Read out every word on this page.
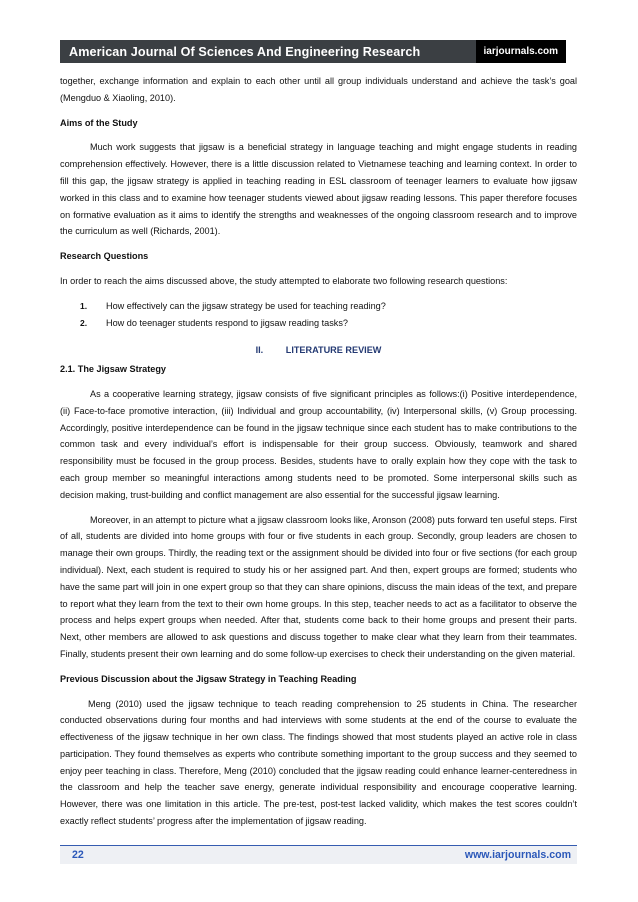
American Journal Of Sciences And Engineering Research	iarjournals.com

together, exchange information and explain to each other until all group individuals understand and achieve the task’s goal (Mengduo & Xiaoling, 2010).

Aims of the Study

Much work suggests that jigsaw is a beneficial strategy in language teaching and might engage students in reading comprehension effectively. However, there is a little discussion related to Vietnamese teaching and learning context. In order to fill this gap, the jigsaw strategy is applied in teaching reading in ESL classroom of teenager learners to evaluate how jigsaw worked in this class and to examine how teenager students viewed about jigsaw reading lessons. This paper therefore focuses on formative evaluation as it aims to identify the strengths and weaknesses of the ongoing classroom research and to improve the curriculum as well (Richards, 2001).

Research Questions

In order to reach the aims discussed above, the study attempted to elaborate two following research questions:

1.	How effectively can the jigsaw strategy be used for teaching reading?
2.	How do teenager students respond to jigsaw reading tasks?
II. LITERATURE REVIEW
2.1. The Jigsaw Strategy

As a cooperative learning strategy, jigsaw consists of five significant principles as follows:(i) Positive interdependence, (ii) Face-to-face promotive interaction, (iii) Individual and group accountability, (iv) Interpersonal skills, (v) Group processing. Accordingly, positive interdependence can be found in the jigsaw technique since each student has to make contributions to the common task and every individual’s effort is indispensable for their group success. Obviously, teamwork and shared responsibility must be focused in the group process. Besides, students have to orally explain how they cope with the task to each group member so meaningful interactions among students need to be promoted. Some interpersonal skills such as decision making, trust-building and conflict management are also essential for the successful jigsaw learning.

Moreover, in an attempt to picture what a jigsaw classroom looks like, Aronson (2008) puts forward ten useful steps. First of all, students are divided into home groups with four or five students in each group. Secondly, group leaders are chosen to manage their own groups. Thirdly, the reading text or the assignment should be divided into four or five sections (for each group individual). Next, each student is required to study his or her assigned part. And then, expert groups are formed; students who have the same part will join in one expert group so that they can share opinions, discuss the main ideas of the text, and prepare to report what they learn from the text to their own home groups. In this step, teacher needs to act as a facilitator to observe the process and helps expert groups when needed. After that, students come back to their home groups and present their parts. Next, other members are allowed to ask questions and discuss together to make clear what they learn from their teammates. Finally, students present their own learning and do some follow-up exercises to check their understanding on the given material.

Previous Discussion about the Jigsaw Strategy in Teaching Reading

Meng (2010) used the jigsaw technique to teach reading comprehension to 25 students in China. The researcher conducted observations during four months and had interviews with some students at the end of the course to evaluate the effectiveness of the jigsaw technique in her own class. The findings showed that most students played an active role in class participation. They found themselves as experts who contribute something important to the group success and they seemed to enjoy peer teaching in class. Therefore, Meng (2010) concluded that the jigsaw reading could enhance learner-centeredness in the classroom and help the teacher save energy, generate individual responsibility and encourage cooperative learning. However, there was one limitation in this article. The pre-test, post-test lacked validity, which makes the test scores couldn’t exactly reflect students’ progress after the implementation of jigsaw reading.

22	www.iarjournals.com
